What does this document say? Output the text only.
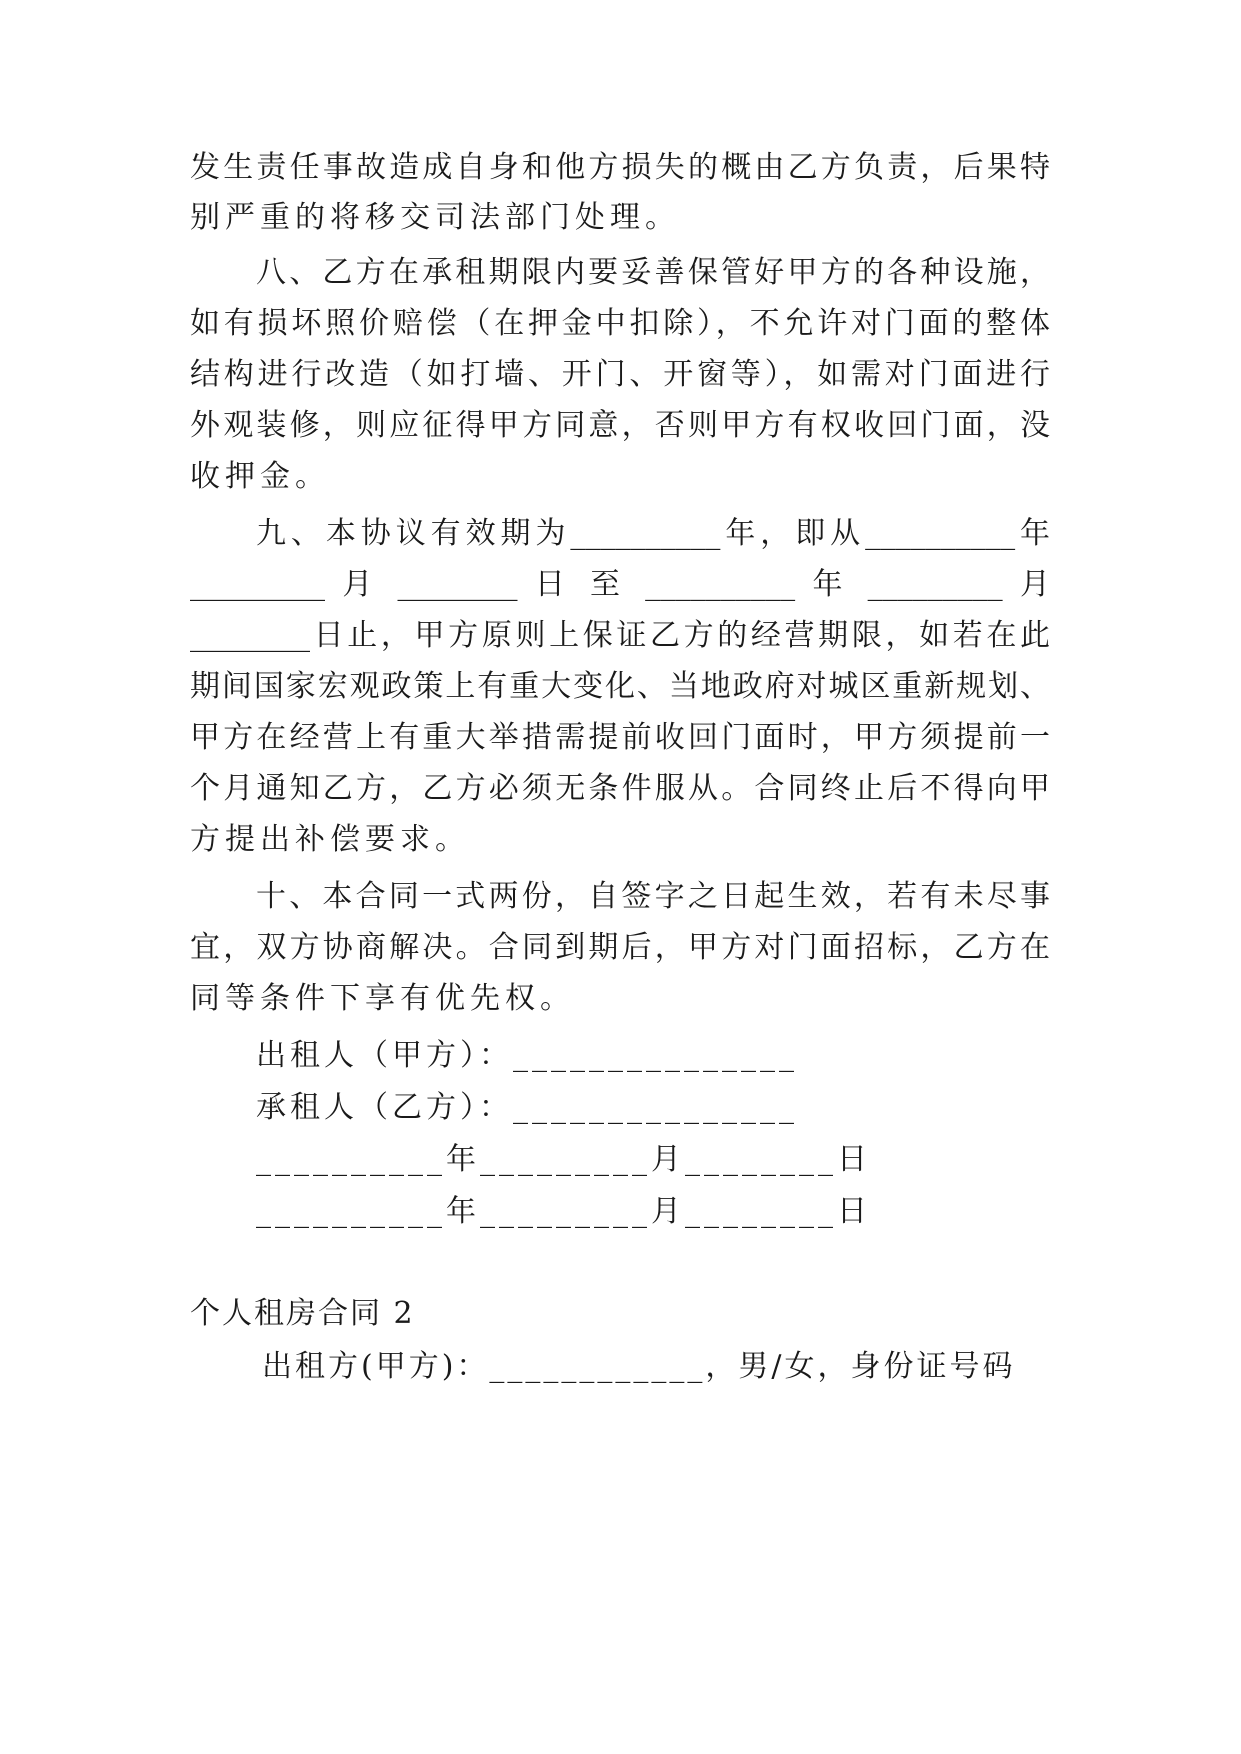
发生责任事故造成自身和他方损失的概由乙方负责，后果特
别严重的将移交司法部门处理。
八、乙方在承租期限内要妥善保管好甲方的各种设施，
如有损坏照价赔偿（在押金中扣除），不允许对门面的整体
结构进行改造（如打墙、开门、开窗等），如需对门面进行
外观装修，则应征得甲方同意，否则甲方有权收回门面，没
收押金。
九、本协议有效期为__________年，即从__________年
_________ 月 ________ 日 至 __________ 年 _________ 月
________日止，甲方原则上保证乙方的经营期限，如若在此
期间国家宏观政策上有重大变化、当地政府对城区重新规划、
甲方在经营上有重大举措需提前收回门面时，甲方须提前一
个月通知乙方，乙方必须无条件服从。合同终止后不得向甲
方提出补偿要求。
十、本合同一式两份，自签字之日起生效，若有未尽事
宜，双方协商解决。合同到期后，甲方对门面招标，乙方在
同等条件下享有优先权。
出租人（甲方）：_______________
承租人（乙方）：_______________
__________年_________月________日
__________年_________月________日
个人租房合同 2
出租方(甲方)：____________，男/女，身份证号码
